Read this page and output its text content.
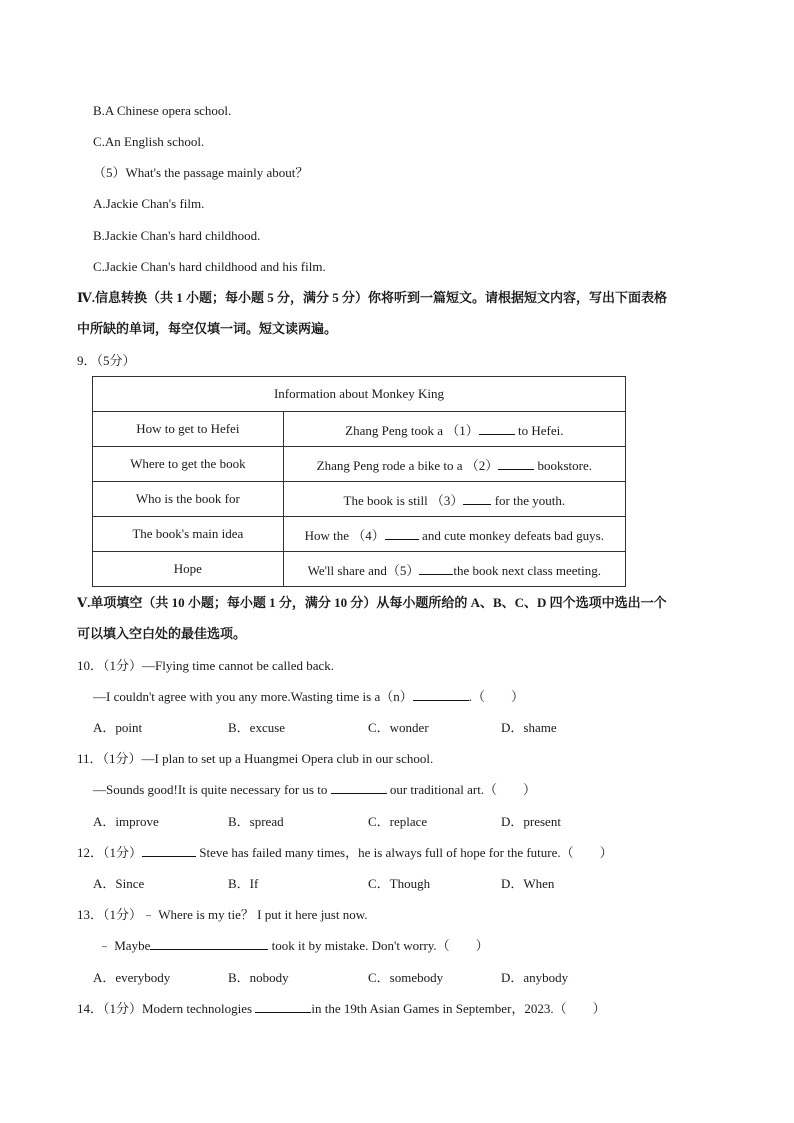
B.A Chinese opera school.
C.An English school.
（5）What's the passage mainly about？
A.Jackie Chan's film.
B.Jackie Chan's hard childhood.
C.Jackie Chan's hard childhood and his film.
Ⅳ.信息转换（共 1 小题；每小题 5 分，满分 5 分）你将听到一篇短文。请根据短文内容，写出下面表格
中所缺的单词，每空仅填一词。短文读两遍。
9．（5分）
Information about Monkey King	
How to get to Hefei	Zhang Peng took a （1） to Hefei.
Where to get the book	Zhang Peng rode a bike to a （2） bookstore.
Who is the book for	The book is still （3） for the youth.
The book's main idea	How the （4） and cute monkey defeats bad guys.
Hope	We'll share and（5） the book next class meeting.
Ⅴ.单项填空（共 10 小题；每小题 1 分，满分 10 分）从每小题所给的 A、B、C、D 四个选项中选出一个
可以填入空白处的最佳选项。
10．（1分）—Flying time cannot be called back.
—I couldn't agree with you any more.Wasting time is a（n）	.（　　）
A．point	B．excuse	C．wonder	D．shame
11．（1分）—I plan to set up a Huangmei Opera club in our school.
—Sounds good!It is quite necessary for us to	our traditional art.（　　）
A．improve	B．spread	C．replace	D．present
12．（1分）	Steve has failed many times，he is always full of hope for the future.（　　）
A．Since	B．If	C．Though	D．When
13．（1分）﹣ Where is my tie？ I put it here just now.
﹣ Maybe	took it by mistake. Don't worry.（　　）
A．everybody	B．nobody	C．somebody	D．anybody
14．（1分）Modern technologies	in the 19th Asian Games in September，2023.（　　）
